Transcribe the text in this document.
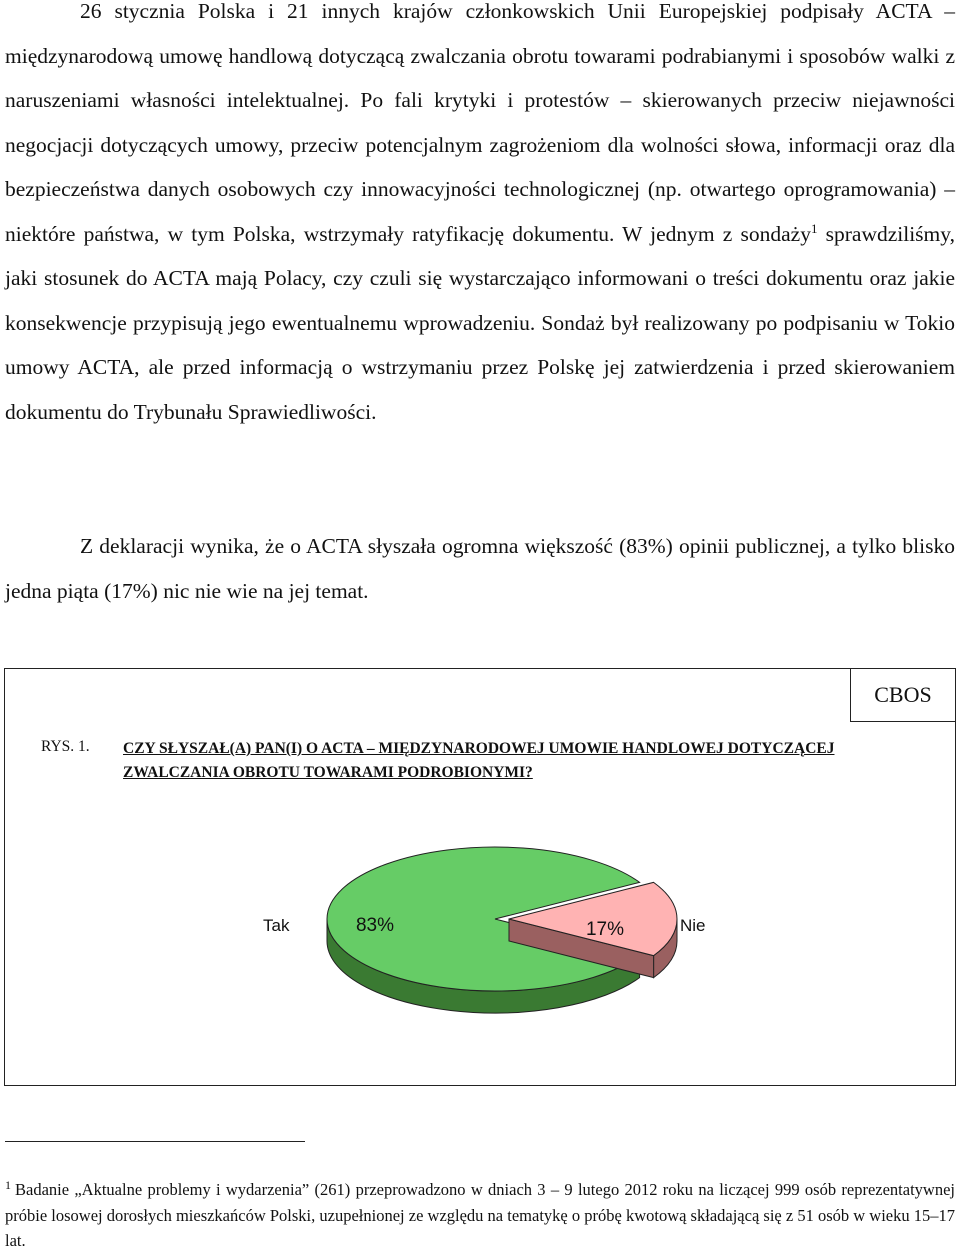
26 stycznia Polska i 21 innych krajów członkowskich Unii Europejskiej podpisały ACTA – międzynarodową umowę handlową dotyczącą zwalczania obrotu towarami podrabianymi i sposobów walki z naruszeniami własności intelektualnej. Po fali krytyki i protestów – skierowanych przeciw niejawności negocjacji dotyczących umowy, przeciw potencjalnym zagrożeniom dla wolności słowa, informacji oraz dla bezpieczeństwa danych osobowych czy innowacyjności technologicznej (np. otwartego oprogramowania) – niektóre państwa, w tym Polska, wstrzymały ratyfikację dokumentu. W jednym z sondaży$^1$ sprawdziliśmy, jaki stosunek do ACTA mają Polacy, czy czuli się wystarczająco informowani o treści dokumentu oraz jakie konsekwencje przypisują jego ewentualnemu wprowadzeniu. Sondaż był realizowany po podpisaniu w Tokio umowy ACTA, ale przed informacją o wstrzymaniu przez Polskę jej zatwierdzenia i przed skierowaniem dokumentu do Trybunału Sprawiedliwości.

Z deklaracji wynika, że o ACTA słyszała ogromna większość (83%) opinii publicznej, a tylko blisko jedna piąta (17%) nic nie wie na jej temat.

CBOS
RYS. 1. CZY SŁYSZAŁ(A) PAN(I) O ACTA – MIĘDZYNARODOWEJ UMOWIE HANDLOWEJ DOTYCZĄCEJ ZWALCZANIA OBROTU TOWARAMI PODROBIONYMI?

Tak	83%	Nie
17%

$^1$ Badanie „Aktualne problemy i wydarzenia” (261) przeprowadzono w dniach 3 – 9 lutego 2012 roku na liczącej 999 osób reprezentatywnej próbie losowej dorosłych mieszkańców Polski, uzupełnionej ze względu na tematykę o próbę kwotową składającą się z 51 osób w wieku 15–17 lat.
